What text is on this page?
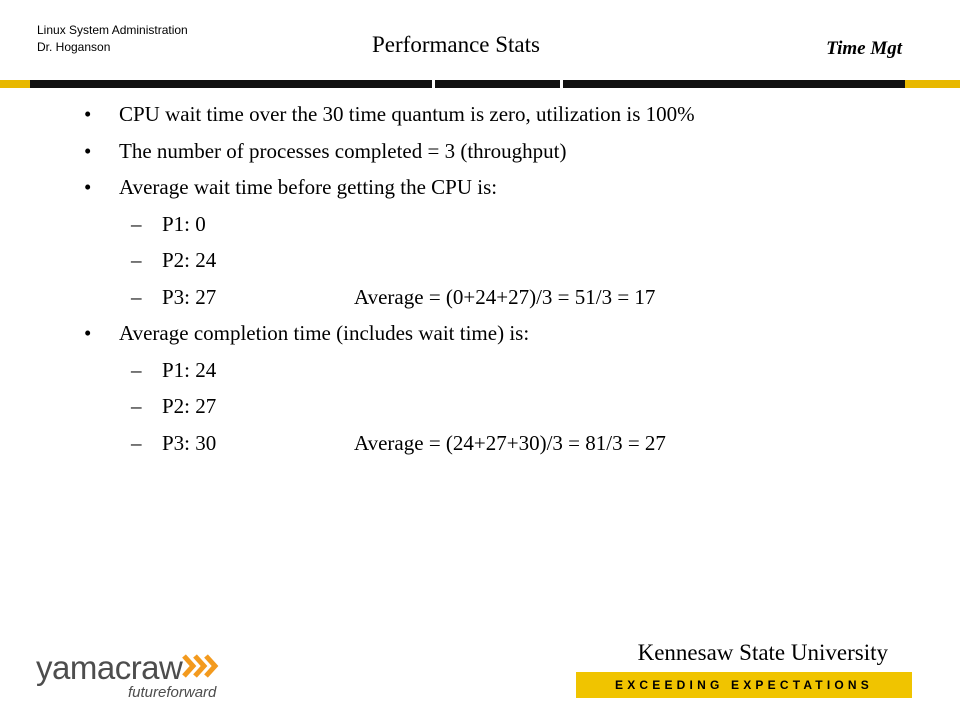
Linux System Administration
Dr. Hoganson	Performance Stats	Time Mgt
• CPU wait time over the 30 time quantum is zero, utilization is 100%
• The number of processes completed = 3 (throughput)
• Average wait time before getting the CPU is:
– P1: 0
– P2: 24
– P3: 27	Average = (0+24+27)/3 = 51/3 = 17
• Average completion time (includes wait time) is:
– P1: 24
– P2: 27
– P3: 30	Average = (24+27+30)/3 = 81/3 = 27
yamacraw
futureforward
Kennesaw State University
EXCEEDING EXPECTATIONS
